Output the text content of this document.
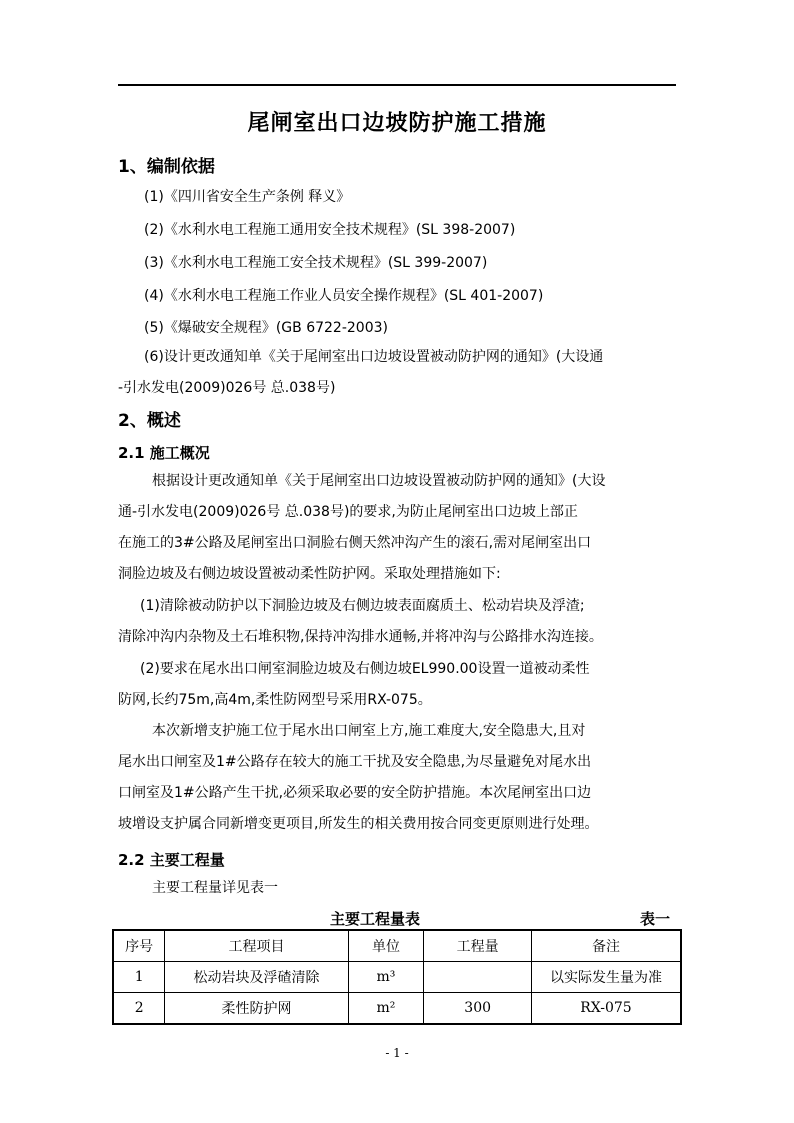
尾闸室出口边坡防护施工措施
1、编制依据
(1)《四川省安全生产条例 释义》
(2)《水利水电工程施工通用安全技术规程》(SL 398-2007)
(3)《水利水电工程施工安全技术规程》(SL 399-2007)
(4)《水利水电工程施工作业人员安全操作规程》(SL 401-2007)
(5)《爆破安全规程》(GB 6722-2003)
(6)设计更改通知单《关于尾闸室出口边坡设置被动防护网的通知》(大设通
-引水发电(2009)026号 总.038号)
2、概述
2.1 施工概况
根据设计更改通知单《关于尾闸室出口边坡设置被动防护网的通知》(大设
通-引水发电(2009)026号 总.038号)的要求,为防止尾闸室出口边坡上部正
在施工的3#公路及尾闸室出口洞脸右侧天然冲沟产生的滚石,需对尾闸室出口
洞脸边坡及右侧边坡设置被动柔性防护网。采取处理措施如下:
(1)清除被动防护以下洞脸边坡及右侧边坡表面腐质土、松动岩块及浮渣;
清除冲沟内杂物及土石堆积物,保持冲沟排水通畅,并将冲沟与公路排水沟连接。
(2)要求在尾水出口闸室洞脸边坡及右侧边坡EL990.00设置一道被动柔性
防网,长约75m,高4m,柔性防网型号采用RX-075。
本次新增支护施工位于尾水出口闸室上方,施工难度大,安全隐患大,且对
尾水出口闸室及1#公路存在较大的施工干扰及安全隐患,为尽量避免对尾水出
口闸室及1#公路产生干扰,必须采取必要的安全防护措施。本次尾闸室出口边
坡增设支护属合同新增变更项目,所发生的相关费用按合同变更原则进行处理。
2.2 主要工程量
主要工程量详见表一
主要工程量表	表一
序号	工程项目	单位	工程量	备注
1	松动岩块及浮碴清除	m³		以实际发生量为准
2	柔性防护网	m²	300	RX-075
- 1 -
